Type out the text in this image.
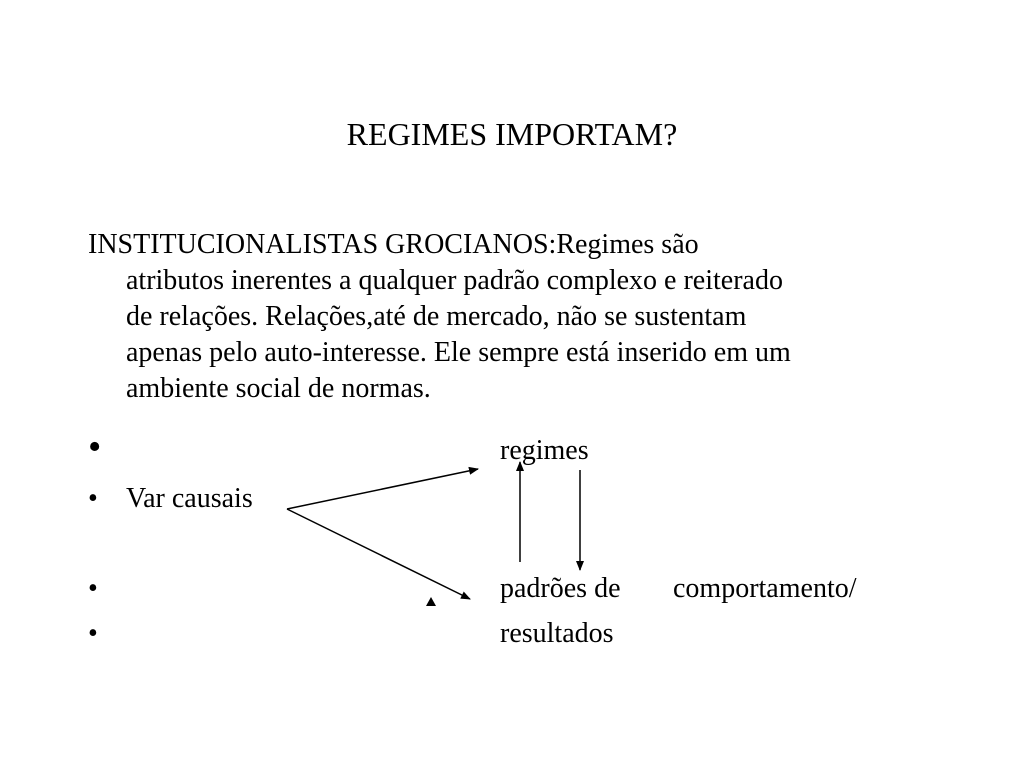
REGIMES IMPORTAM?
INSTITUCIONALISTAS GROCIANOS:Regimes são
atributos inerentes a qualquer padrão complexo e reiterado
de relações. Relações,até de mercado, não se sustentam
apenas pelo auto-interesse. Ele sempre está inserido em um
ambiente social de normas.
•	regimes
• Var causais
•	padrões de comportamento/
•	resultados
